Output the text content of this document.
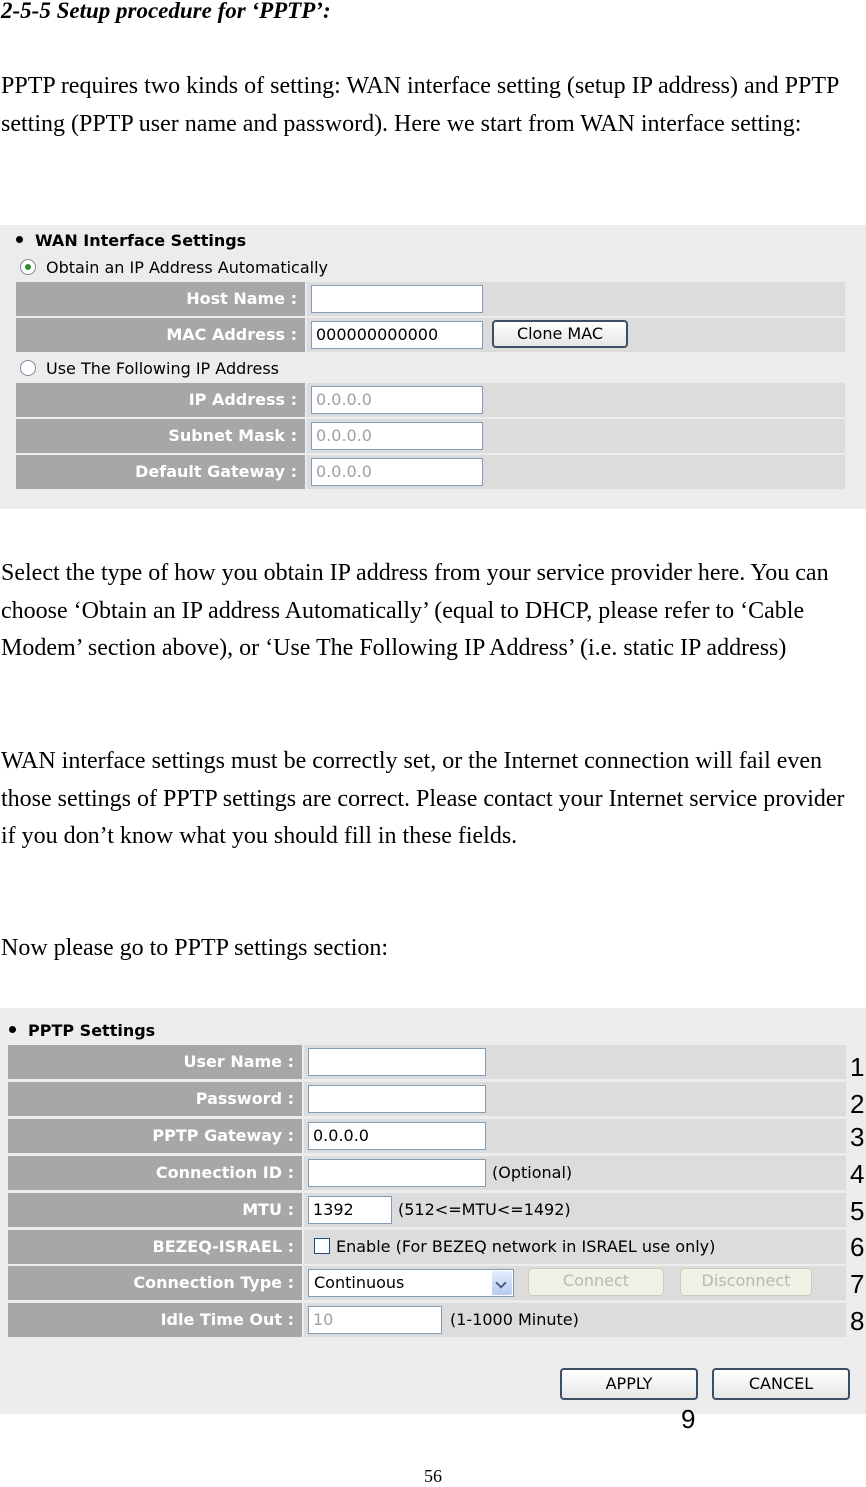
2-5-5 Setup procedure for ‘PPTP’:

PPTP requires two kinds of setting: WAN interface setting (setup IP address) and PPTP setting (PPTP user name and password). Here we start from WAN interface setting:

WAN Interface Settings
Obtain an IP Address Automatically
Host Name :
MAC Address :	000000000000	Clone MAC
Use The Following IP Address
IP Address :	0.0.0.0
Subnet Mask :	0.0.0.0
Default Gateway :	0.0.0.0

Select the type of how you obtain IP address from your service provider here. You can choose ‘Obtain an IP address Automatically’ (equal to DHCP, please refer to ‘Cable Modem’ section above), or ‘Use The Following IP Address’ (i.e. static IP address)

WAN interface settings must be correctly set, or the Internet connection will fail even those settings of PPTP settings are correct. Please contact your Internet service provider if you don’t know what you should fill in these fields.

Now please go to PPTP settings section:

PPTP Settings
User Name :
Password :
PPTP Gateway :	0.0.0.0
Connection ID :	(Optional)
MTU :	1392	(512<=MTU<=1492)
BEZEQ-ISRAEL :	Enable (For BEZEQ network in ISRAEL use only)
Connection Type :	Continuous	Connect	Disconnect
Idle Time Out :	10	(1-1000 Minute)
APPLY	CANCEL
1
2
3
4
5
6
7
8
9
56
